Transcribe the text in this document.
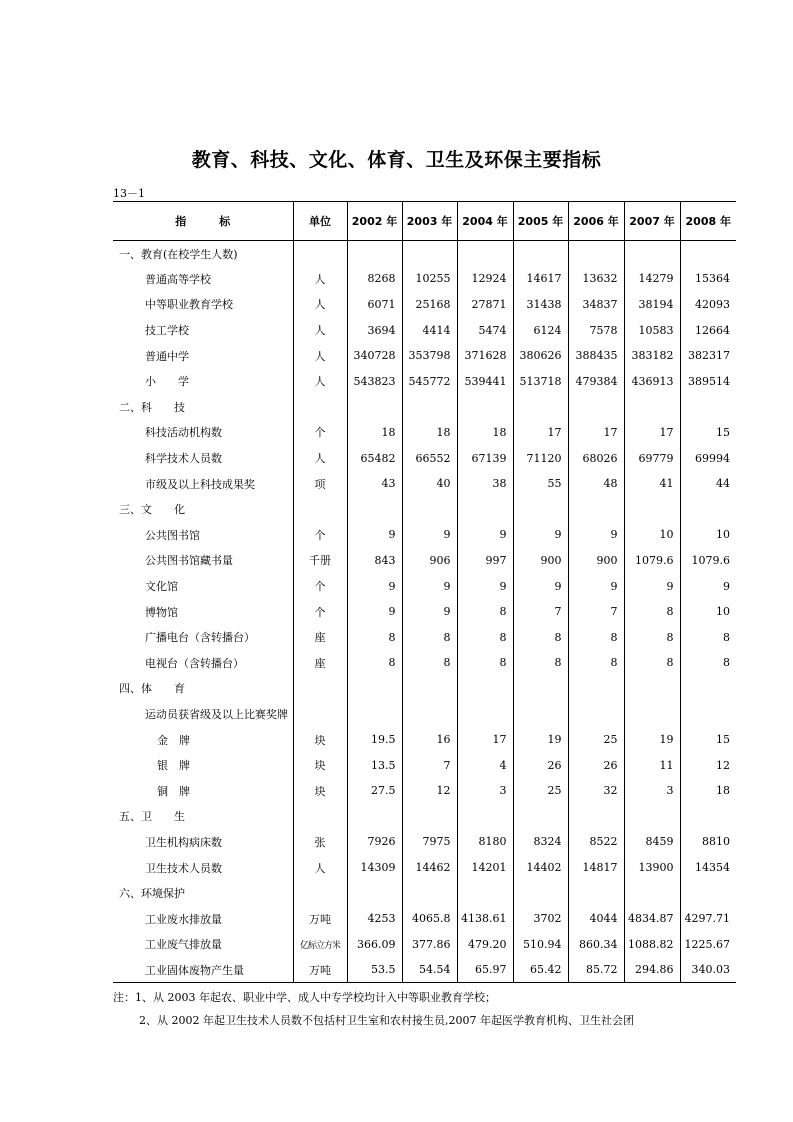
教育、科技、文化、体育、卫生及环保主要指标
13－1
指　　　标	单位	2002 年	2003 年	2004 年	2005 年	2006 年	2007 年	2008 年
一、教育(在校学生人数)								
普通高等学校	人	8268	10255	12924	14617	13632	14279	15364
中等职业教育学校	人	6071	25168	27871	31438	34837	38194	42093
技工学校	人	3694	4414	5474	6124	7578	10583	12664
普通中学	人	340728	353798	371628	380626	388435	383182	382317
小　　学	人	543823	545772	539441	513718	479384	436913	389514
二、科　　技								
科技活动机构数	个	18	18	18	17	17	17	15
科学技术人员数	人	65482	66552	67139	71120	68026	69779	69994
市级及以上科技成果奖	项	43	40	38	55	48	41	44
三、文　　化								
公共图书馆	个	9	9	9	9	9	10	10
公共图书馆藏书量	千册	843	906	997	900	900	1079.6	1079.6
文化馆	个	9	9	9	9	9	9	9
博物馆	个	9	9	8	7	7	8	10
广播电台（含转播台）	座	8	8	8	8	8	8	8
电视台（含转播台）	座	8	8	8	8	8	8	8
四、体　　育								
运动员获省级及以上比赛奖牌								
金　牌	块	19.5	16	17	19	25	19	15
银　牌	块	13.5	7	4	26	26	11	12
铜　牌	块	27.5	12	3	25	32	3	18
五、卫　　生								
卫生机构病床数	张	7926	7975	8180	8324	8522	8459	8810
卫生技术人员数	人	14309	14462	14201	14402	14817	13900	14354
六、环境保护								
工业废水排放量	万吨	4253	4065.8	4138.61	3702	4044	4834.87	4297.71
工业废气排放量	亿标立方米	366.09	377.86	479.20	510.94	860.34	1088.82	1225.67
工业固体废物产生量	万吨	53.5	54.54	65.97	65.42	85.72	294.86	340.03
注：1、从 2003 年起农、职业中学、成人中专学校均计入中等职业教育学校；
2、从 2002 年起卫生技术人员数不包括村卫生室和农村接生员,2007 年起医学教育机构、卫生社会团
